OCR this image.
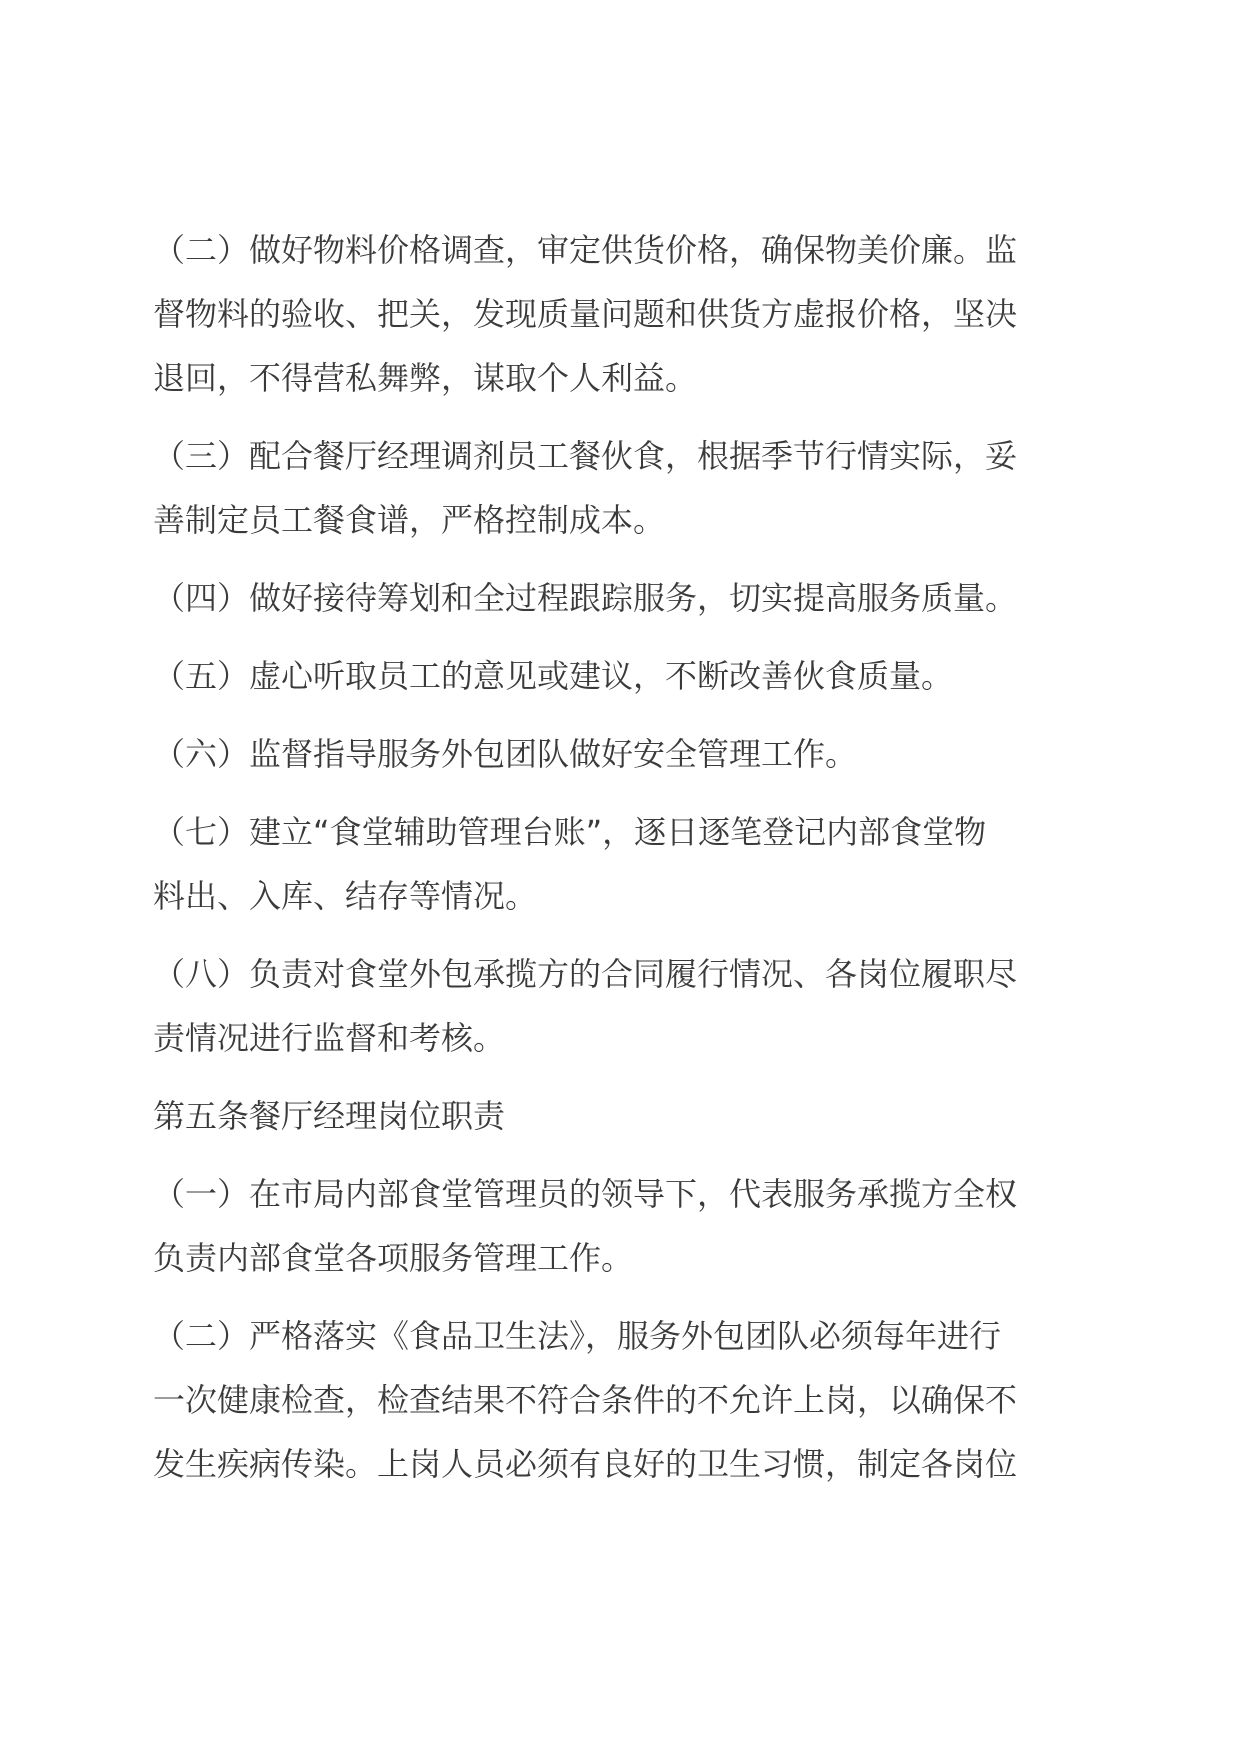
（二）做好物料价格调查，审定供货价格，确保物美价廉。监
督物料的验收、把关，发现质量问题和供货方虚报价格，坚决
退回，不得营私舞弊，谋取个人利益。
（三）配合餐厅经理调剂员工餐伙食，根据季节行情实际，妥
善制定员工餐食谱，严格控制成本。
（四）做好接待筹划和全过程跟踪服务，切实提高服务质量。
（五）虚心听取员工的意见或建议，不断改善伙食质量。
（六）监督指导服务外包团队做好安全管理工作。
（七）建立“食堂辅助管理台账”，逐日逐笔登记内部食堂物
料出、入库、结存等情况。
（八）负责对食堂外包承揽方的合同履行情况、各岗位履职尽
责情况进行监督和考核。
第五条餐厅经理岗位职责
（一）在市局内部食堂管理员的领导下，代表服务承揽方全权
负责内部食堂各项服务管理工作。
（二）严格落实《食品卫生法》，服务外包团队必须每年进行
一次健康检查，检查结果不符合条件的不允许上岗，以确保不
发生疾病传染。上岗人员必须有良好的卫生习惯，制定各岗位
